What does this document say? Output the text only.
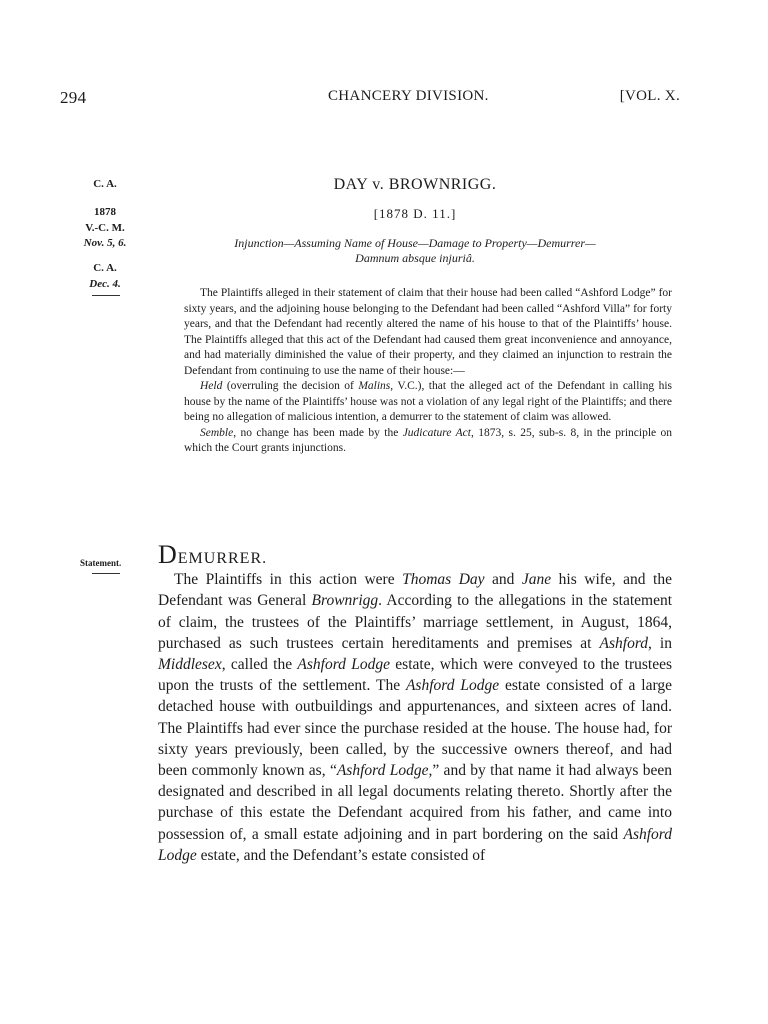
294	CHANCERY DIVISION.	[VOL. X.
C. A.
1878
V.-C. M.
Nov. 5, 6.
C. A.
Dec. 4.
Statement.
DAY v. BROWNRIGG.
[1878 D. 11.]
Injunction—Assuming Name of House—Damage to Property—Demurrer—
Damnum absque injuriâ.

The Plaintiffs alleged in their statement of claim that their house had been called “Ashford Lodge” for sixty years, and the adjoining house belonging to the Defendant had been called “Ashford Villa” for forty years, and that the Defendant had recently altered the name of his house to that of the Plaintiffs’ house. The Plaintiffs alleged that this act of the Defendant had caused them great inconvenience and annoyance, and had materially diminished the value of their property, and they claimed an injunction to restrain the Defendant from continuing to use the name of their house:—

Held (overruling the decision of Malins, V.C.), that the alleged act of the Defendant in calling his house by the name of the Plaintiffs’ house was not a violation of any legal right of the Plaintiffs; and there being no allegation of malicious intention, a demurrer to the statement of claim was allowed.

Semble, no change has been made by the Judicature Act, 1873, s. 25, sub-s. 8, in the principle on which the Court grants injunctions.

DEMURRER.

The Plaintiffs in this action were Thomas Day and Jane his wife, and the Defendant was General Brownrigg. According to the allegations in the statement of claim, the trustees of the Plaintiffs’ marriage settlement, in August, 1864, purchased as such trustees certain hereditaments and premises at Ashford, in Middlesex, called the Ashford Lodge estate, which were conveyed to the trustees upon the trusts of the settlement. The Ashford Lodge estate consisted of a large detached house with outbuildings and appurtenances, and sixteen acres of land. The Plaintiffs had ever since the purchase resided at the house. The house had, for sixty years previously, been called, by the successive owners thereof, and had been commonly known as, “Ashford Lodge,” and by that name it had always been designated and described in all legal documents relating thereto. Shortly after the purchase of this estate the Defendant acquired from his father, and came into possession of, a small estate adjoining and in part bordering on the said Ashford Lodge estate, and the Defendant’s estate consisted of
